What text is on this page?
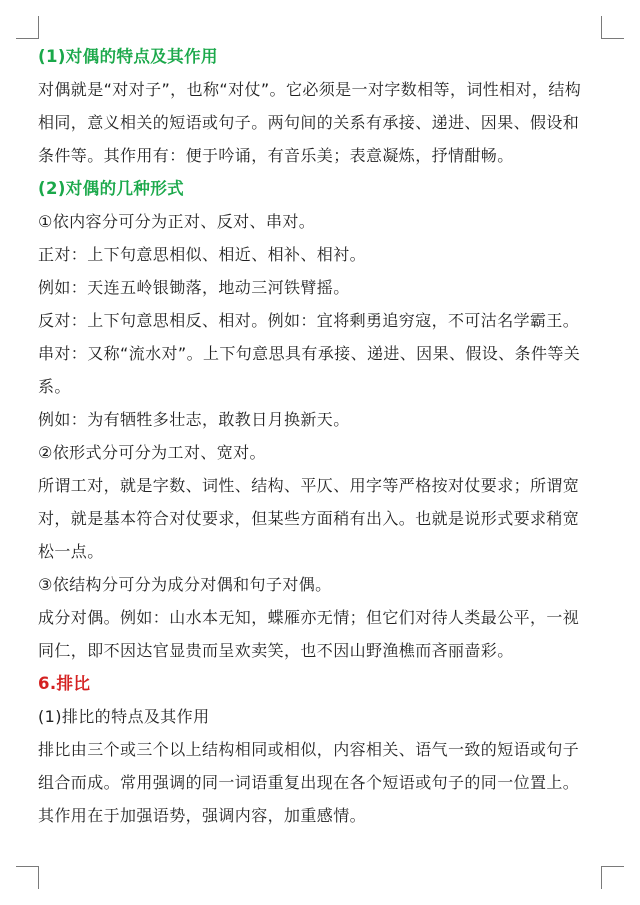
(1)对偶的特点及其作用
对偶就是“对对子”，也称“对仗”。它必须是一对字数相等，词性相对，结构
相同，意义相关的短语或句子。两句间的关系有承接、递进、因果、假设和
条件等。其作用有：便于吟诵，有音乐美；表意凝炼，抒情酣畅。
(2)对偶的几种形式
①依内容分可分为正对、反对、串对。
正对：上下句意思相似、相近、相补、相衬。
例如：天连五岭银锄落，地动三河铁臂摇。
反对：上下句意思相反、相对。例如：宜将剩勇追穷寇，不可沽名学霸王。
串对：又称“流水对”。上下句意思具有承接、递进、因果、假设、条件等关
系。
例如：为有牺牲多壮志，敢教日月换新天。
②依形式分可分为工对、宽对。
所谓工对，就是字数、词性、结构、平仄、用字等严格按对仗要求；所谓宽
对，就是基本符合对仗要求，但某些方面稍有出入。也就是说形式要求稍宽
松一点。
③依结构分可分为成分对偶和句子对偶。
成分对偶。例如：山水本无知，蝶雁亦无情；但它们对待人类最公平，一视
同仁，即不因达官显贵而呈欢卖笑，也不因山野渔樵而吝丽啬彩。
6.排比
(1)排比的特点及其作用
排比由三个或三个以上结构相同或相似，内容相关、语气一致的短语或句子
组合而成。常用强调的同一词语重复出现在各个短语或句子的同一位置上。
其作用在于加强语势，强调内容，加重感情。
